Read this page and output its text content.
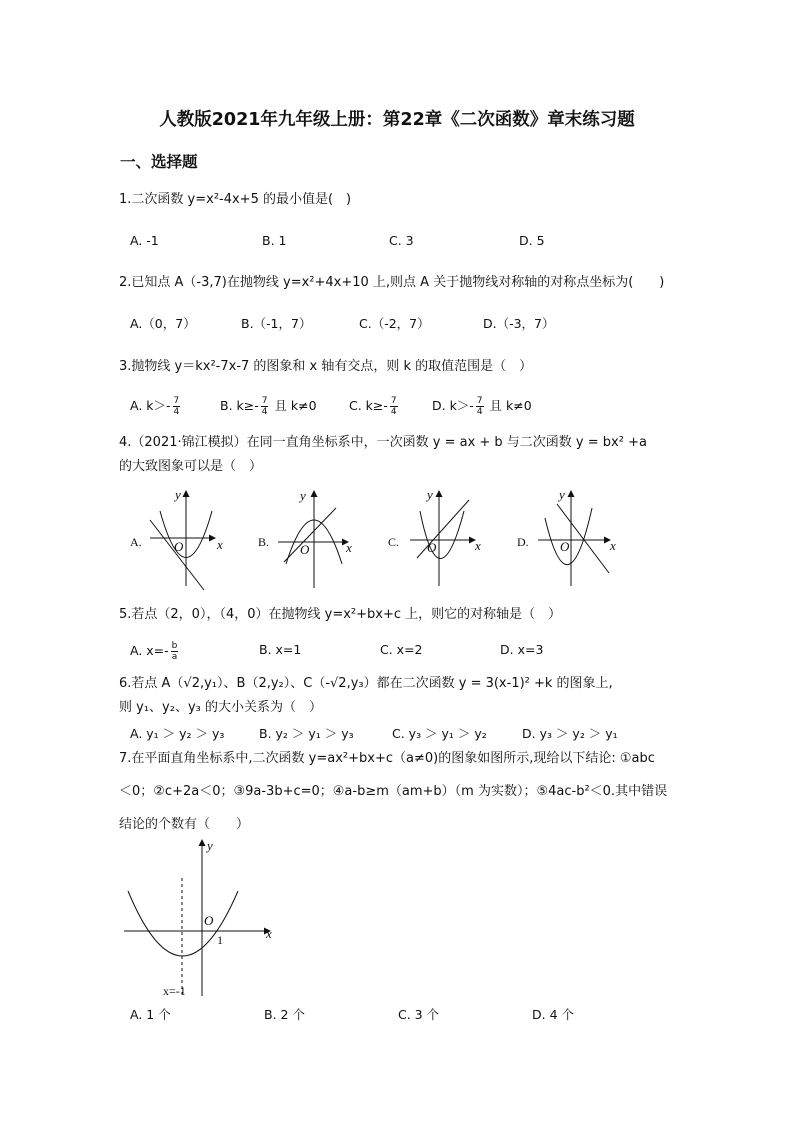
人教版2021年九年级上册：第22章《二次函数》章末练习题
一、选择题
1.二次函数 y=x²-4x+5 的最小值是(　)
A. -1	B. 1	C. 3	D. 5
2.已知点 A（-3,7)在抛物线 y=x²+4x+10 上,则点 A 关于抛物线对称轴的对称点坐标为(　　)
A.（0，7）	B.（-1，7）	C.（-2，7）	D.（-3，7）
3.抛物线 y＝kx²-7x-7 的图象和 x 轴有交点，则 k 的取值范围是（　）
A. $k>- \frac{7}{4}$	B. $k\ge- \frac{7}{4}$ 且 k≠0	C. $k\ge- \frac{7}{4}$	D. $k>- \frac{7}{4}$ 且 k≠0
4.（2021·锦江模拟）在同一直角坐标系中，一次函数 y = ax + b 与二次函数 y = bx² +a
的大致图象可以是（　）
A.
y
x
O	B.
y
x
O	C.
y
x
O	D.
y
x
O
5.若点（2，0），（4，0）在抛物线 y=x²+bx+c 上，则它的对称轴是（　）
A. $x=- \frac{b}{a}$	B. x=1	C. x=2	D. x=3
6.若点 A（√2,y₁）、B（2,y₂）、C（-√2,y₃）都在二次函数 y = 3(x-1)² +k 的图象上,
则 y₁、y₂、y₃ 的大小关系为（　）
A. y₁ ＞ y₂ ＞ y₃	B. y₂ ＞ y₁ ＞ y₃	C. y₃ ＞ y₁ ＞ y₂	D. y₃ ＞ y₂ ＞ y₁
7.在平面直角坐标系中,二次函数 y=ax²+bx+c（a≠0)的图象如图所示,现给以下结论: ①abc
＜0；②c+2a＜0；③9a-3b+c=0；④a-b≥m（am+b）（m 为实数）；⑤4ac-b²＜0.其中错误
结论的个数有（　　）
y
x
O
1
x=-1
A. 1 个	B. 2 个	C. 3 个	D. 4 个
